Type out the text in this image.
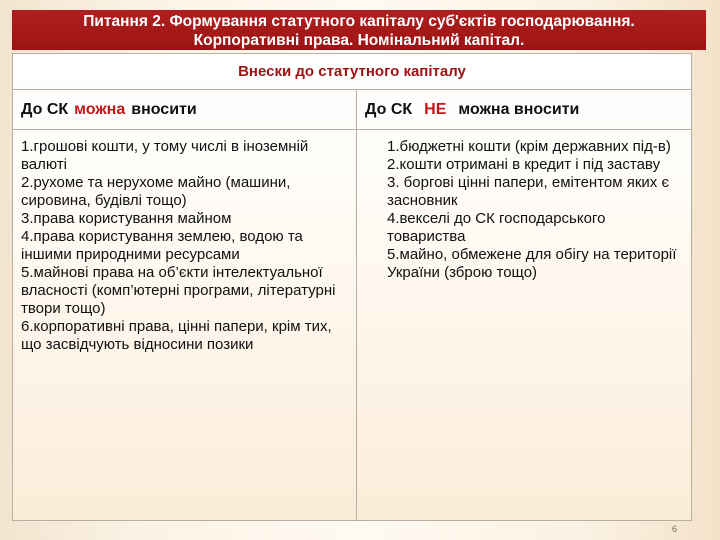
Питання 2. Формування статутного капіталу суб'єктів господарювання.
Корпоративні права. Номінальний капітал.
Внески до статутного капіталу
До СК можна вносити	До СК НЕ можна вносити
1.грошові кошти, у тому числі в іноземній валюті
2.рухоме та нерухоме майно (машини, сировина, будівлі тощо)
3.права користування майном
4.права користування землею, водою та іншими природними ресурсами
5.майнові права на об’єкти інтелектуальної власності (комп’ютерні програми, літературні твори тощо)
6.корпоративні права, цінні папери, крім тих, що засвідчують відносини позики
1.бюджетні кошти (крім державних під-в)
2.кошти отримані в кредит і під заставу
3. боргові цінні папери, емітентом яких є засновник
4.векселі до СК господарського товариства
5.майно, обмежене для обігу на території України (зброю тощо)
6
